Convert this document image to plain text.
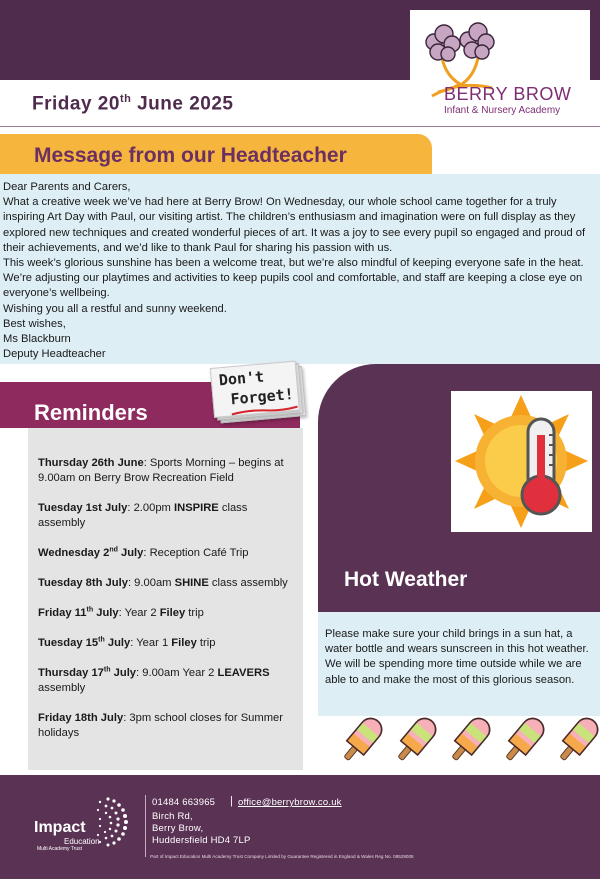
BERRY BROW
Infant & Nursery Academy
Friday 20th June 2025
Message from our Headteacher

Dear Parents and Carers,

What a creative week we’ve had here at Berry Brow! On Wednesday, our whole school came together for a truly inspiring Art Day with Paul, our visiting artist. The children’s enthusiasm and imagination were on full display as they explored new techniques and created wonderful pieces of art. It was a joy to see every pupil so engaged and proud of their achievements, and we’d like to thank Paul for sharing his passion with us.

This week’s glorious sunshine has been a welcome treat, but we’re also mindful of keeping everyone safe in the heat. We’re adjusting our playtimes and activities to keep pupils cool and comfortable, and staff are keeping a close eye on everyone’s wellbeing.

Wishing you all a restful and sunny weekend.

Best wishes,

Ms Blackburn

Deputy Headteacher

Reminders
Don't
Forget!
Thursday 26th June: Sports Morning – begins at 9.00am on Berry Brow Recreation Field
Tuesday 1st July: 2.00pm INSPIRE class assembly
Wednesday 2nd July: Reception Café Trip
Tuesday 8th July: 9.00am SHINE class assembly
Friday 11th July: Year 2 Filey trip
Tuesday 15th July: Year 1 Filey trip
Thursday 17th July: 9.00am Year 2 LEAVERS assembly
Friday 18th July: 3pm school closes for Summer holidays
Hot Weather
Please make sure your child brings in a sun hat, a water bottle and wears sunscreen in this hot weather. We will be spending more time outside while we are able to and make the most of this glorious season.
Impact
Education
Multi Academy Trust
01484 663965 | office@berrybrow.co.uk
Birch Rd,
Berry Brow,
Huddersfield HD4 7LP
Part of Impact Education Multi Academy Trust Company Limited by Guarantee Registered in England & Wales Reg No. 08529005
